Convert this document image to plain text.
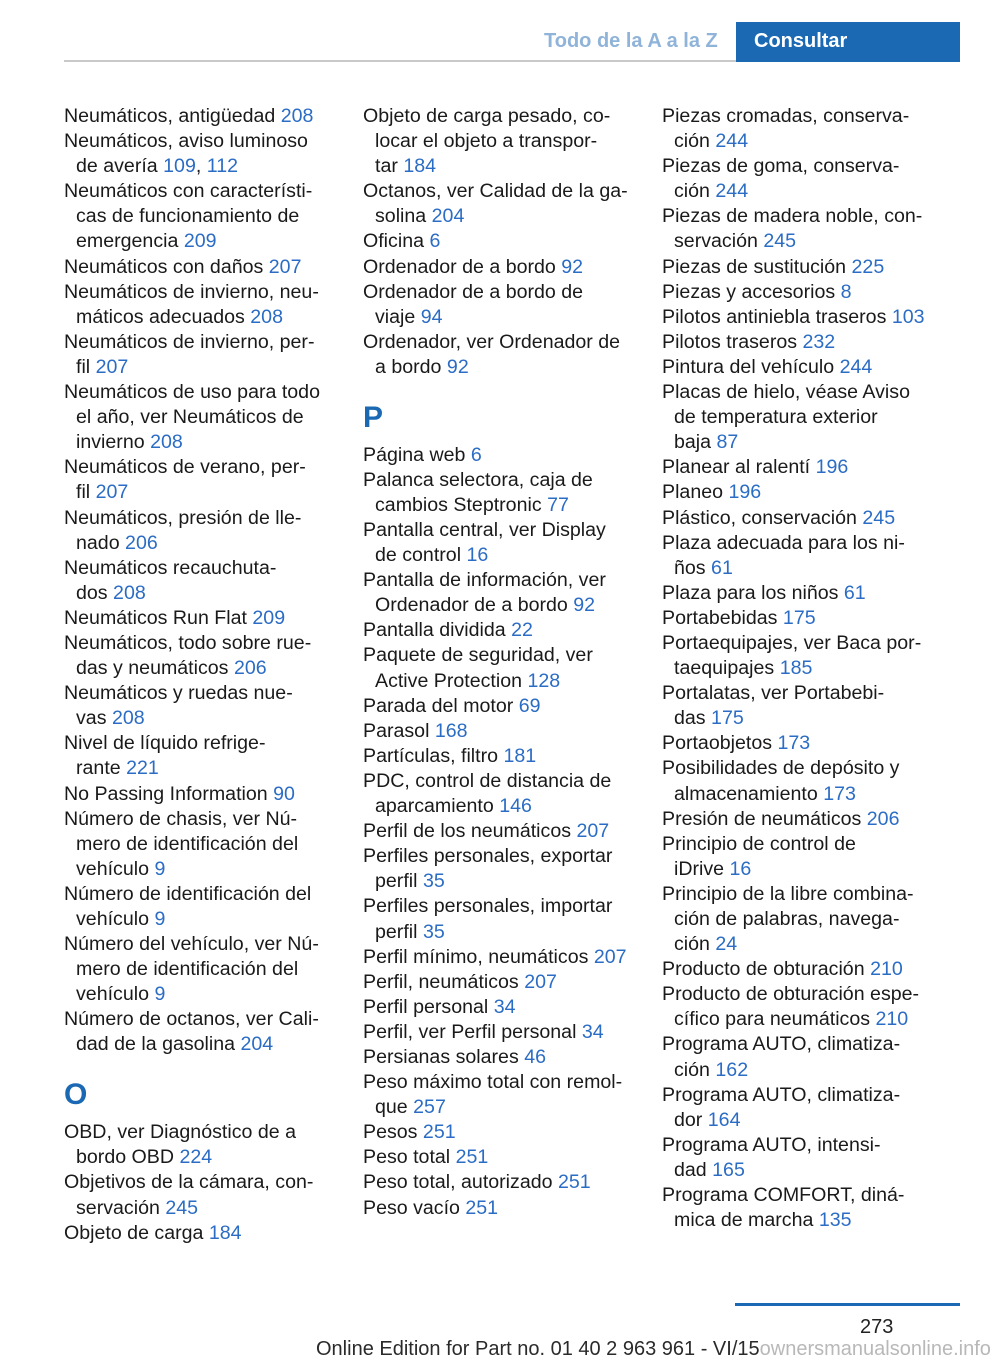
Todo de la A a la Z	Consultar
Neumáticos, antigüedad 208
Neumáticos, aviso luminoso de avería 109, 112
Neumáticos con características de funcionamiento de emergencia 209
Neumáticos con daños 207
Neumáticos de invierno, neumáticos adecuados 208
Neumáticos de invierno, perfil 207
Neumáticos de uso para todo el año, ver Neumáticos de invierno 208
Neumáticos de verano, perfil 207
Neumáticos, presión de llenado 206
Neumáticos recauchutados 208
Neumáticos Run Flat 209
Neumáticos, todo sobre ruedas y neumáticos 206
Neumáticos y ruedas nuevas 208
Nivel de líquido refrigerante 221
No Passing Information 90
Número de chasis, ver Número de identificación del vehículo 9
Número de identificación del vehículo 9
Número del vehículo, ver Número de identificación del vehículo 9
Número de octanos, ver Calidad de la gasolina 204
O
OBD, ver Diagnóstico de a bordo OBD 224
Objetivos de la cámara, conservación 245
Objeto de carga 184
Objeto de carga pesado, colocar el objeto a transportar 184
Octanos, ver Calidad de la gasolina 204
Oficina 6
Ordenador de a bordo 92
Ordenador de a bordo de viaje 94
Ordenador, ver Ordenador de a bordo 92
P
Página web 6
Palanca selectora, caja de cambios Steptronic 77
Pantalla central, ver Display de control 16
Pantalla de información, ver Ordenador de a bordo 92
Pantalla dividida 22
Paquete de seguridad, ver Active Protection 128
Parada del motor 69
Parasol 168
Partículas, filtro 181
PDC, control de distancia de aparcamiento 146
Perfil de los neumáticos 207
Perfiles personales, exportar perfil 35
Perfiles personales, importar perfil 35
Perfil mínimo, neumáticos 207
Perfil, neumáticos 207
Perfil personal 34
Perfil, ver Perfil personal 34
Persianas solares 46
Peso máximo total con remolque 257
Pesos 251
Peso total 251
Peso total, autorizado 251
Peso vacío 251
Piezas cromadas, conservación 244
Piezas de goma, conservación 244
Piezas de madera noble, conservación 245
Piezas de sustitución 225
Piezas y accesorios 8
Pilotos antiniebla traseros 103
Pilotos traseros 232
Pintura del vehículo 244
Placas de hielo, véase Aviso de temperatura exterior baja 87
Planear al ralentí 196
Planeo 196
Plástico, conservación 245
Plaza adecuada para los niños 61
Plaza para los niños 61
Portabebidas 175
Portaequipajes, ver Baca portaequipajes 185
Portalatas, ver Portabebidas 175
Portaobjetos 173
Posibilidades de depósito y almacenamiento 173
Presión de neumáticos 206
Principio de control de iDrive 16
Principio de la libre combinación de palabras, navegación 24
Producto de obturación 210
Producto de obturación específico para neumáticos 210
Programa AUTO, climatización 162
Programa AUTO, climatizador 164
Programa AUTO, intensidad 165
Programa COMFORT, dinámica de marcha 135
273
Online Edition for Part no. 01 40 2 963 961 - VI/15ownersmanualsonline.info
